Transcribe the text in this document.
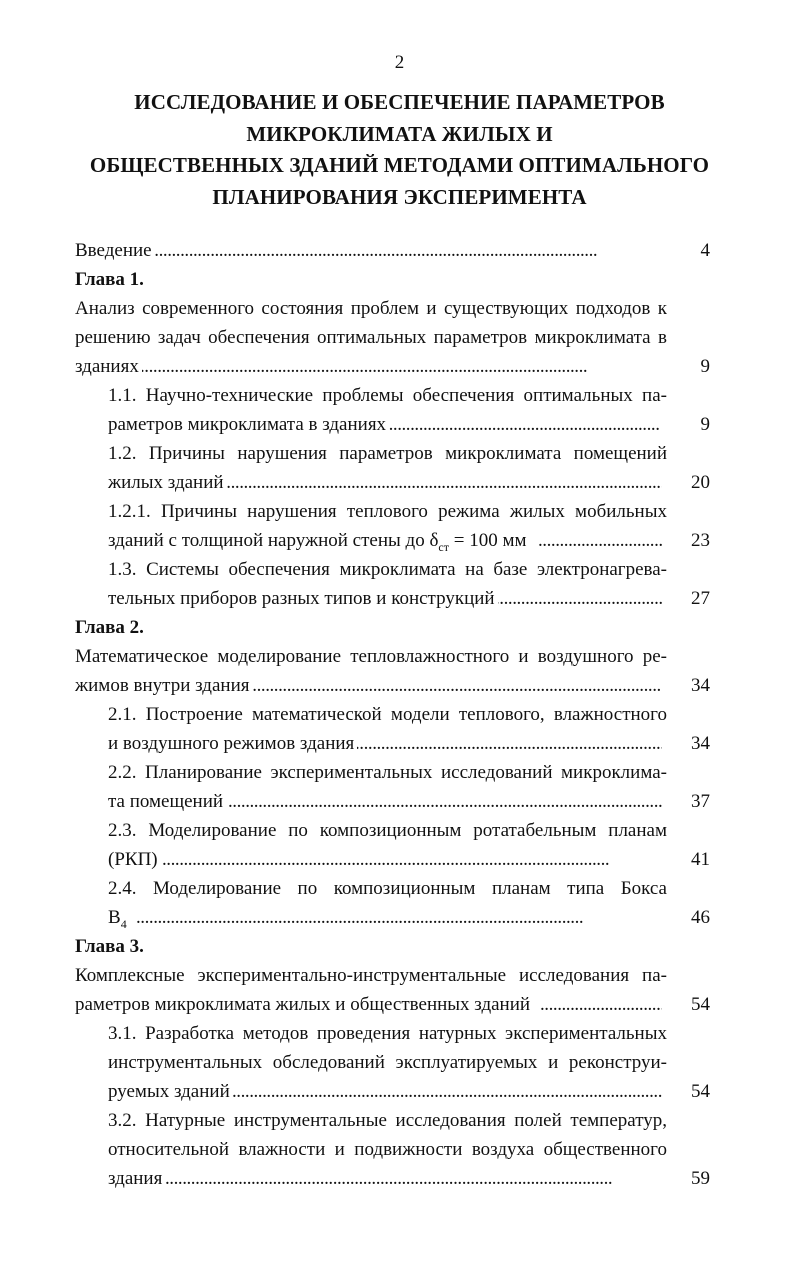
2
ИССЛЕДОВАНИЕ И ОБЕСПЕЧЕНИЕ ПАРАМЕТРОВ
МИКРОКЛИМАТА ЖИЛЫХ И
ОБЩЕСТВЕННЫХ ЗДАНИЙ МЕТОДАМИ ОПТИМАЛЬНОГО
ПЛАНИРОВАНИЯ ЭКСПЕРИМЕНТА
. . .
Введение	4
Глава 1.
Анализ современного состояния проблем и существующих подходов к
решению задач обеспечения оптимальных параметров микроклимата в
. . .
зданиях	9
1.1. Научно-технические проблемы обеспечения оптимальных па-
. . .
раметров микроклимата в зданиях	9
1.2. Причины нарушения параметров микроклимата помещений
. . .
жилых зданий	20
1.2.1. Причины нарушения теплового режима жилых мобильных
. . .
зданий с толщиной наружной стены до $\delta_{ст} = 100$ мм	23
1.3. Системы обеспечения микроклимата на базе электронагрева-
. . .
тельных приборов разных типов и конструкций	27
Глава 2.
Математическое моделирование тепловлажностного и воздушного ре-
. . .
жимов внутри здания	34
2.1. Построение математической модели теплового, влажностного
. . .
и воздушного режимов здания	34
2.2. Планирование экспериментальных исследований микроклима-
. . .
та помещений	37
2.3. Моделирование по композиционным ротатабельным планам
. . .
(РКП)	41
2.4. Моделирование по композиционным планам типа Бокса
. . .
$B_4$	46
Глава 3.
Комплексные экспериментально-инструментальные исследования па-
. . .
раметров микроклимата жилых и общественных зданий	54
3.1. Разработка методов проведения натурных экспериментальных
инструментальных обследований эксплуатируемых и реконструи-
. . .
руемых зданий	54
3.2. Натурные инструментальные исследования полей температур,
относительной влажности и подвижности воздуха общественного
. . .
здания	59
